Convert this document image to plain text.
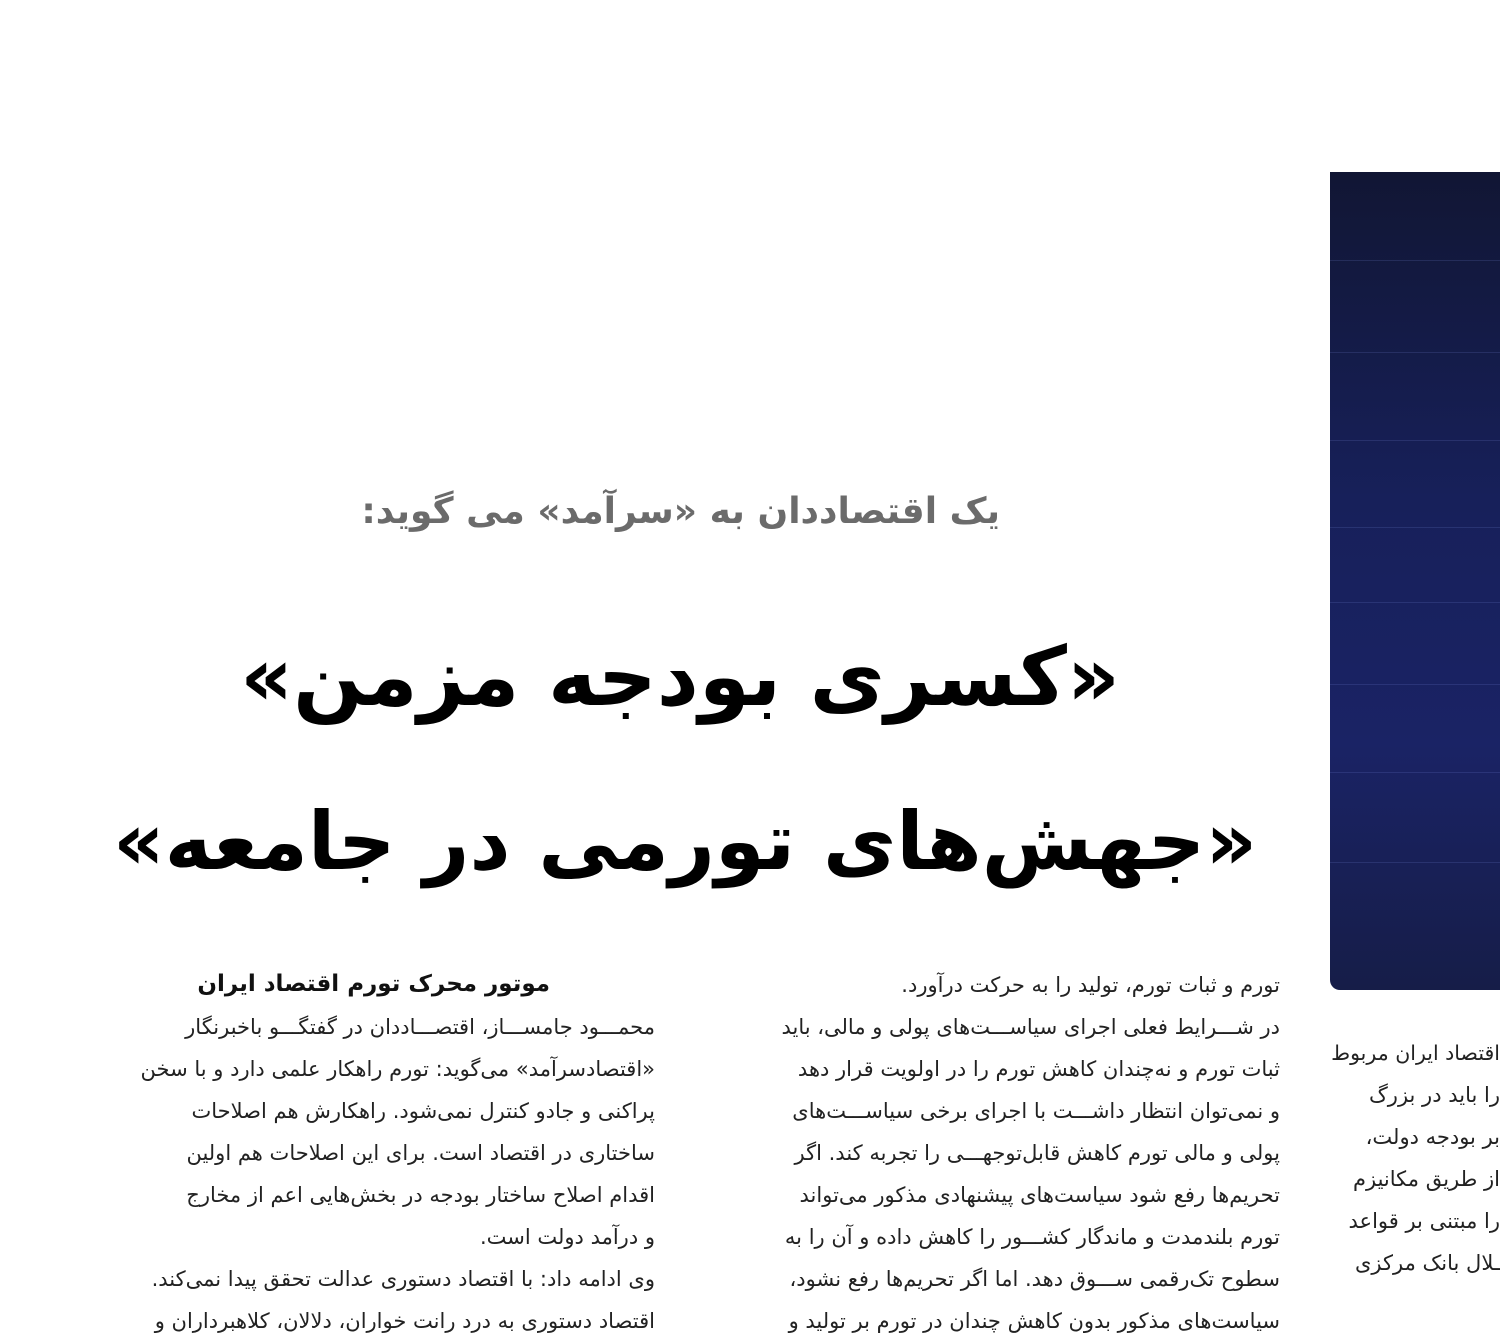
یک اقتصاددان به «سرآمد» می گوید:
«کسری بودجه مزمن»
«جهش‌های تورمی در جامعه»
موتور محرک تورم اقتصاد ایران

محمـــود جامســـاز، اقتصـــاددان در گفتگـــو باخبرنگار

«اقتصادسرآمد» می‌گوید: تورم راهکار علمی دارد و با سخن

پراکنی و جادو کنترل نمی‌شود. راهکارش هم اصلاحات

ساختاری در اقتصاد است. برای این اصلاحات هم اولین

اقدام اصلاح ساختار بودجه در بخش‌هایی اعم از مخارج

و درآمد دولت است.

وی ادامه داد: با اقتصاد دستوری عدالت تحقق پیدا نمی‌کند.

اقتصاد دستوری به درد رانت خواران، دلالان، کلاهبرداران و

تورم و ثبات تورم، تولید را به حرکت درآورد.

در شـــرایط فعلی اجرای سیاســـت‌های پولی و مالی، باید

ثبات تورم و نه‌چندان کاهش تورم را در اولویت قرار دهد

و نمی‌توان انتظار داشـــت با اجرای برخی سیاســـت‌های

پولی و مالی تورم کاهش قابل‌توجهـــی را تجربه کند. اگر

تحریم‌ها رفع شود سیاست‌های پیشنهادی مذکور می‌تواند

تورم بلندمدت و ماندگار کشـــور را کاهش داده و آن را به

سطوح تک‌رقمی ســـوق دهد. اما اگر تحریم‌ها رفع نشود،

سیاست‌های مذکور بدون کاهش چندان در تورم بر تولید و

اقتصاد ایران مربوط

را باید در بزرگ

بر بودجه دولت،

از طریق مکانیزم

را مبتنی بر قواعد

ـلال بانک مرکزی
